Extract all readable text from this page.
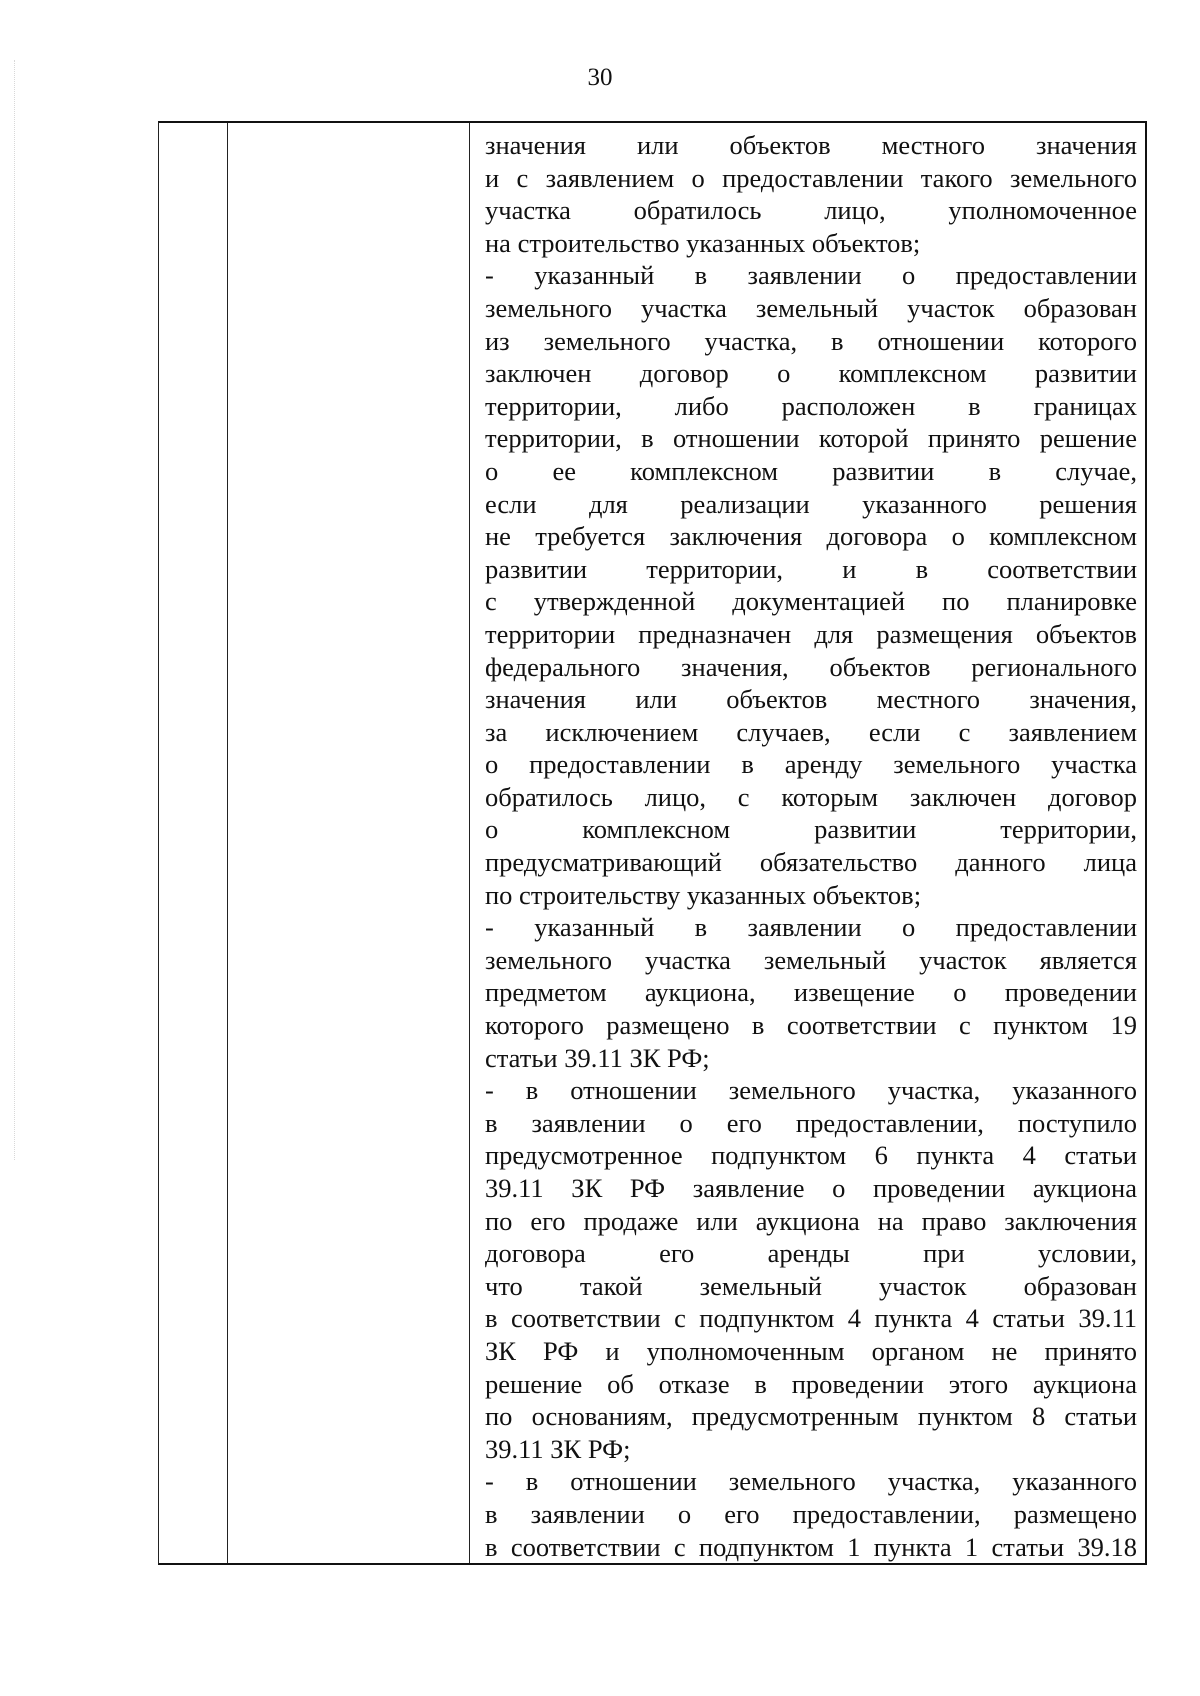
30
значения или объектов местного значения
и с заявлением о предоставлении такого земельного
участка обратилось лицо, уполномоченное
на строительство указанных объектов;
- указанный в заявлении о предоставлении
земельного участка земельный участок образован
из земельного участка, в отношении которого
заключен договор о комплексном развитии
территории, либо расположен в границах
территории, в отношении которой принято решение
о ее комплексном развитии в случае,
если для реализации указанного решения
не требуется заключения договора о комплексном
развитии территории, и в соответствии
с утвержденной документацией по планировке
территории предназначен для размещения объектов
федерального значения, объектов регионального
значения или объектов местного значения,
за исключением случаев, если с заявлением
о предоставлении в аренду земельного участка
обратилось лицо, с которым заключен договор
о комплексном развитии территории,
предусматривающий обязательство данного лица
по строительству указанных объектов;
- указанный в заявлении о предоставлении
земельного участка земельный участок является
предметом аукциона, извещение о проведении
которого размещено в соответствии с пунктом 19
статьи 39.11 ЗК РФ;
- в отношении земельного участка, указанного
в заявлении о его предоставлении, поступило
предусмотренное подпунктом 6 пункта 4 статьи
39.11 ЗК РФ заявление о проведении аукциона
по его продаже или аукциона на право заключения
договора его аренды при условии,
что такой земельный участок образован
в соответствии с подпунктом 4 пункта 4 статьи 39.11
ЗК РФ и уполномоченным органом не принято
решение об отказе в проведении этого аукциона
по основаниям, предусмотренным пунктом 8 статьи
39.11 ЗК РФ;
- в отношении земельного участка, указанного
в заявлении о его предоставлении, размещено
в соответствии с подпунктом 1 пункта 1 статьи 39.18
